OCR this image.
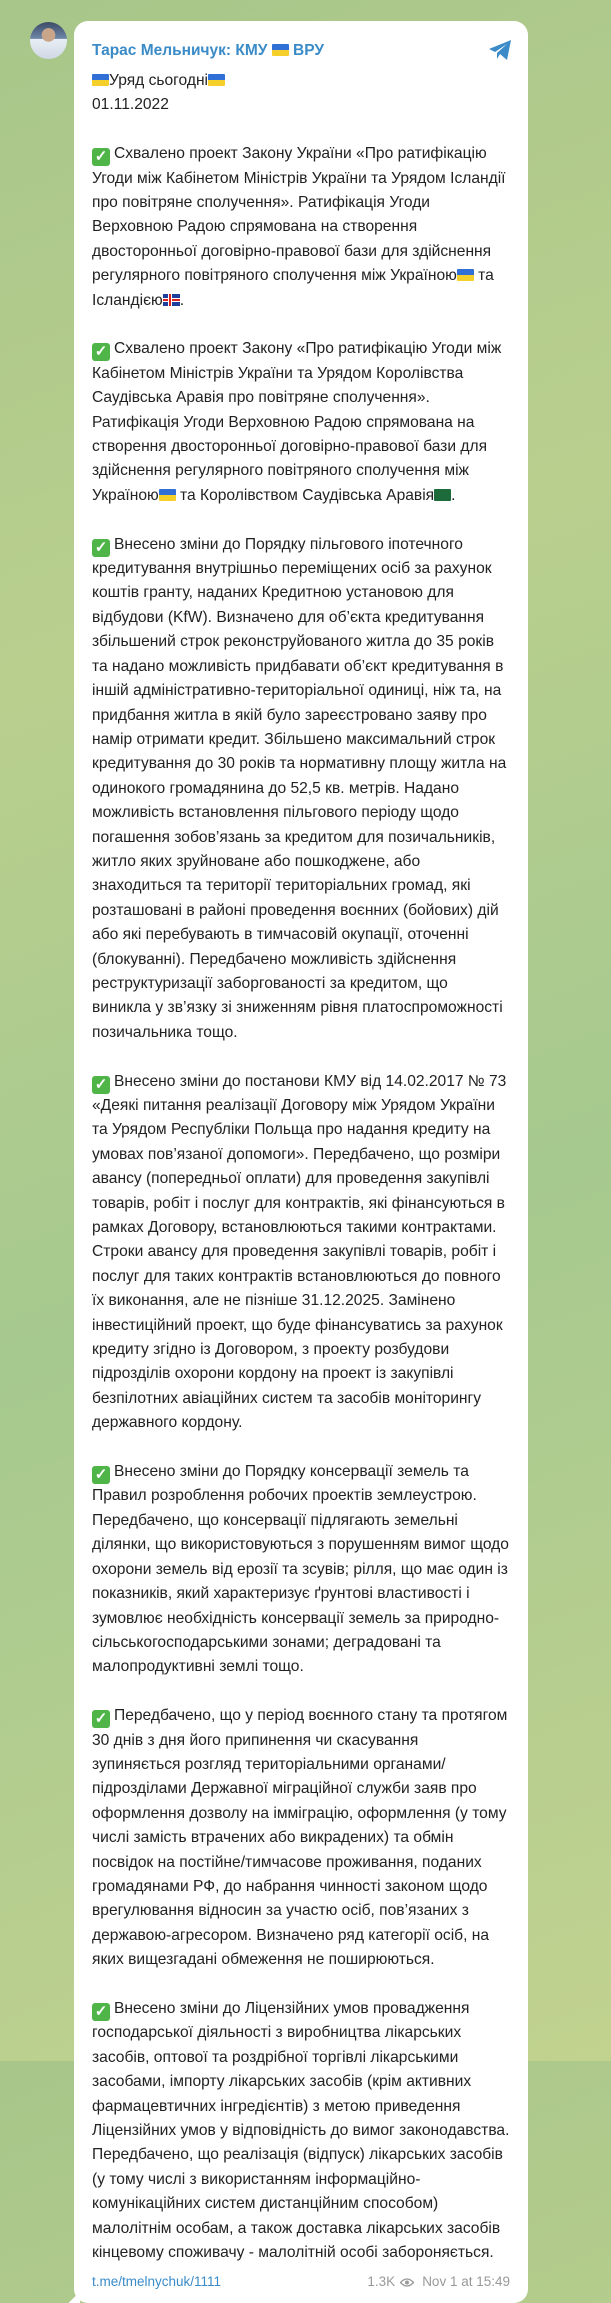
Тарас Мельничук: КМУ ВРУ

Уряд сьогодні
01.11.2022

✓ Схвалено проект Закону України «Про ратифікацію Угоди між Кабінетом Міністрів України та Урядом Ісландії про повітряне сполучення». Ратифікація Угоди Верховною Радою спрямована на створення двосторонньої договірно-правової бази для здійснення регулярного повітряного сполучення між Україною та Ісландією .

✓ Схвалено проект Закону «Про ратифікацію Угоди між Кабінетом Міністрів України та Урядом Королівства Саудівська Аравія про повітряне сполучення». Ратифікація Угоди Верховною Радою спрямована на створення двосторонньої договірно-правової бази для здійснення регулярного повітряного сполучення між Україною та Королівством Саудівська Аравія .

✓ Внесено зміни до Порядку пільгового іпотечного кредитування внутрішньо переміщених осіб за рахунок коштів гранту, наданих Кредитною установою для відбудови (KfW). Визначено для об’єкта кредитування збільшений строк реконструйованого житла до 35 років та надано можливість придбавати об’єкт кредитування в іншій адміністративно-територіальної одиниці, ніж та, на придбання житла в якій було зареєстровано заяву про намір отримати кредит. Збільшено максимальний строк кредитування до 30 років та нормативну площу житла на одинокого громадянина до 52,5 кв. метрів. Надано можливість встановлення пільгового періоду щодо погашення зобов’язань за кредитом для позичальників, житло яких зруйноване або пошкоджене, або знаходиться та території територіальних громад, які розташовані в районі проведення воєнних (бойових) дій або які перебувають в тимчасовій окупації, оточенні (блокуванні). Передбачено можливість здійснення реструктуризації заборгованості за кредитом, що виникла у зв’язку зі зниженням рівня платоспроможності позичальника тощо.

✓ Внесено зміни до постанови КМУ від 14.02.2017 № 73 «Деякі питання реалізації Договору між Урядом України та Урядом Республіки Польща про надання кредиту на умовах пов’язаної допомоги». Передбачено, що розміри авансу (попередньої оплати) для проведення закупівлі товарів, робіт і послуг для контрактів, які фінансуються в рамках Договору, встановлюються такими контрактами. Строки авансу для проведення закупівлі товарів, робіт і послуг для таких контрактів встановлюються до повного їх виконання, але не пізніше 31.12.2025. Замінено інвестиційний проект, що буде фінансуватись за рахунок кредиту згідно із Договором, з проекту розбудови підрозділів охорони кордону на проект із закупівлі безпілотних авіаційних систем та засобів моніторингу державного кордону.

✓ Внесено зміни до Порядку консервації земель та Правил розроблення робочих проектів землеустрою. Передбачено, що консервації підлягають земельні ділянки, що використовуються з порушенням вимог щодо охорони земель від ерозії та зсувів; рілля, що має один із показників, який характеризує ґрунтові властивості і зумовлює необхідність консервації земель за природно-сільськогосподарськими зонами; деградовані та малопродуктивні землі тощо.

✓ Передбачено, що у період воєнного стану та протягом 30 днів з дня його припинення чи скасування зупиняється розгляд територіальними органами/ підрозділами Державної міграційної служби заяв про оформлення дозволу на імміграцію, оформлення (у тому числі замість втрачених або викрадених) та обмін посвідок на постійне/тимчасове проживання, поданих громадянами РФ, до набрання чинності законом щодо врегулювання відносин за участю осіб, пов’язаних з державою-агресором. Визначено ряд категорії осіб, на яких вищезгадані обмеження не поширюються.

✓ Внесено зміни до Ліцензійних умов провадження господарської діяльності з виробництва лікарських засобів, оптової та роздрібної торгівлі лікарськими засобами, імпорту лікарських засобів (крім активних фармацевтичних інгредієнтів) з метою приведення Ліцензійних умов у відповідність до вимог законодавства. Передбачено, що реалізація (відпуск) лікарських засобів (у тому числі з використанням інформаційно-комунікаційних систем дистанційним способом) малолітнім особам, а також доставка лікарських засобів кінцевому споживачу - малолітній особі забороняється.

t.me/tmelnychuk/1111	1.3K Nov 1 at 15:49
